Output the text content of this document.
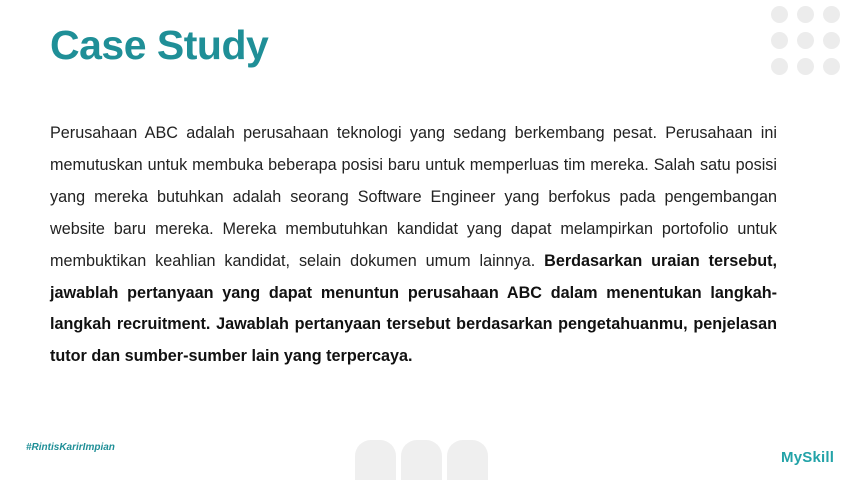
Case Study

Perusahaan ABC adalah perusahaan teknologi yang sedang berkembang pesat. Perusahaan ini memutuskan untuk membuka beberapa posisi baru untuk memperluas tim mereka. Salah satu posisi yang mereka butuhkan adalah seorang Software Engineer yang berfokus pada pengembangan website baru mereka. Mereka membutuhkan kandidat yang dapat melampirkan portofolio untuk membuktikan keahlian kandidat, selain dokumen umum lainnya. Berdasarkan uraian tersebut, jawablah pertanyaan yang dapat menuntun perusahaan ABC dalam menentukan langkah-langkah recruitment. Jawablah pertanyaan tersebut berdasarkan pengetahuanmu, penjelasan tutor dan sumber-sumber lain yang terpercaya.

#RintisKarirImpian
MySkill
